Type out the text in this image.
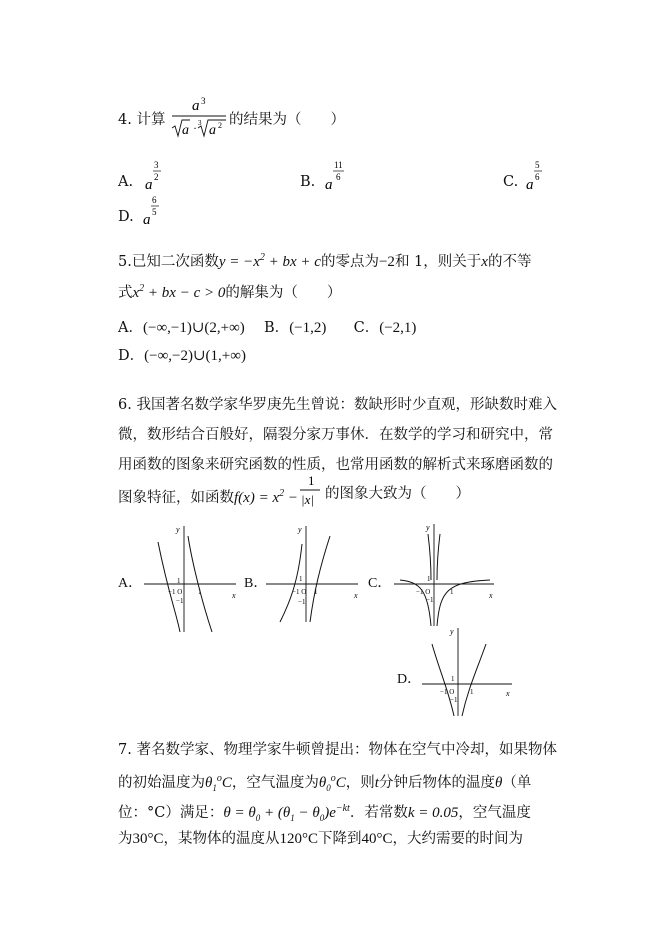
4. 计算
a 3
a · 3 a 2 的结果为（　　）
A. a
3
2	B. a
11
6	C. a
5
6
D. a
6
5
5.已知二次函数$y = -x^2$ + bx + c的零点为−2和 1，则关于x的不等
式$x^2$ + bx − c > 0的解集为（　　）
A．(−∞,−1)∪(2,+∞) B．(−1,2) C．(−2,1)
D．(−∞,−2)∪(1,+∞)
6. 我国著名数学家华罗庚先生曾说：数缺形时少直观，形缺数时难入
微，数形结合百般好，隔裂分家万事休．在数学的学习和研究中，常
用函数的图象来研究函数的性质，也常用函数的解析式来琢磨函数的
图象特征，如函数$f(x) = x^2$ −
1
|x| 的图象大致为（　　）
A．
x
y
1
−1 O 1
−1
B．
x
y
1
−1 O 1
−1
C．
x
y
1
−1 O	1
−1
D．
x
y
1
−1 O 1
−1
7. 著名数学家、物理学家牛顿曾提出：物体在空气中冷却，如果物体
的初始温度为$\theta_1^oC$，空气温度为$\theta_0^oC$，则t分钟后物体的温度θ（单
位：°C）满足：$\theta = \theta_0 + (\theta_1 - \theta_0)e^{-kt}$．若常数k = 0.05，空气温度
为30°C，某物体的温度从120°C下降到40°C，大约需要的时间为
